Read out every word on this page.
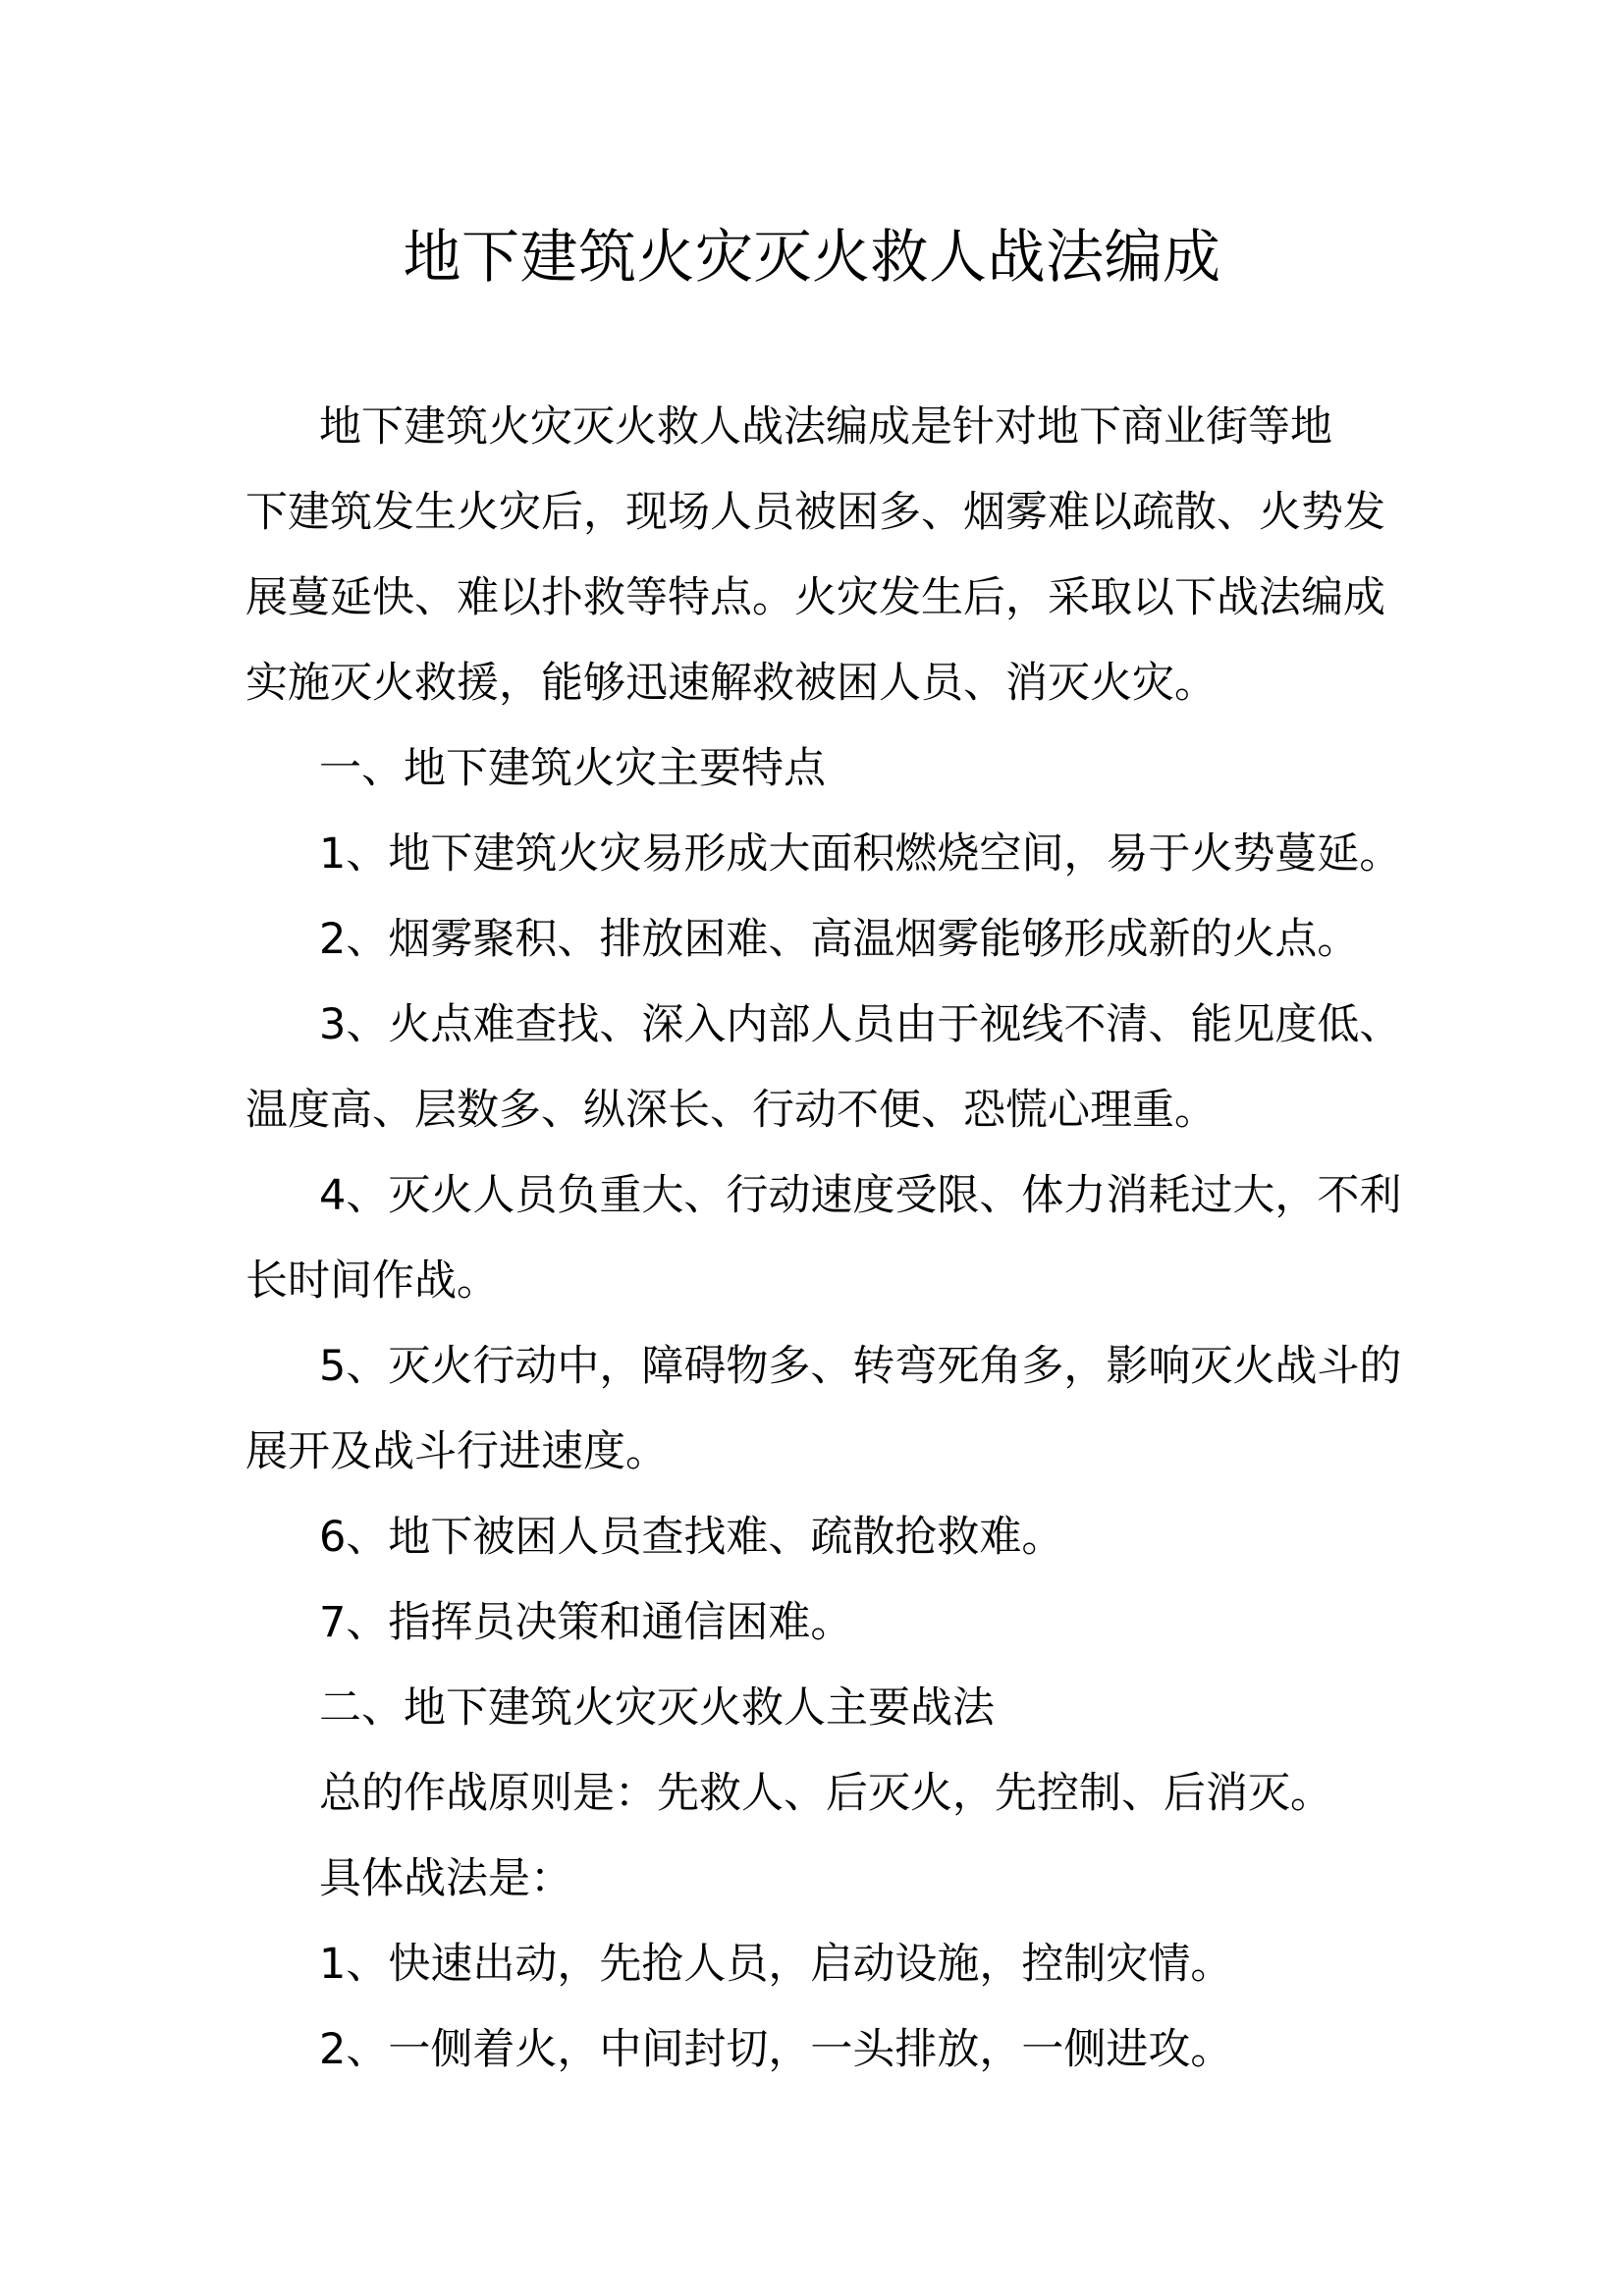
地下建筑火灾灭火救人战法编成

地下建筑火灾灭火救人战法编成是针对地下商业街等地

下建筑发生火灾后，现场人员被困多、烟雾难以疏散、火势发

展蔓延快、难以扑救等特点。火灾发生后，采取以下战法编成

实施灭火救援，能够迅速解救被困人员、消灭火灾。

一、地下建筑火灾主要特点

1、地下建筑火灾易形成大面积燃烧空间，易于火势蔓延。

2、烟雾聚积、排放困难、高温烟雾能够形成新的火点。

3、火点难查找、深入内部人员由于视线不清、能见度低、

温度高、层数多、纵深长、行动不便、恐慌心理重。

4、灭火人员负重大、行动速度受限、体力消耗过大，不利

长时间作战。

5、灭火行动中，障碍物多、转弯死角多，影响灭火战斗的

展开及战斗行进速度。

6、地下被困人员查找难、疏散抢救难。

7、指挥员决策和通信困难。

二、地下建筑火灾灭火救人主要战法

总的作战原则是：先救人、后灭火，先控制、后消灭。

具体战法是：

1、快速出动，先抢人员，启动设施，控制灾情。

2、一侧着火，中间封切，一头排放，一侧进攻。
